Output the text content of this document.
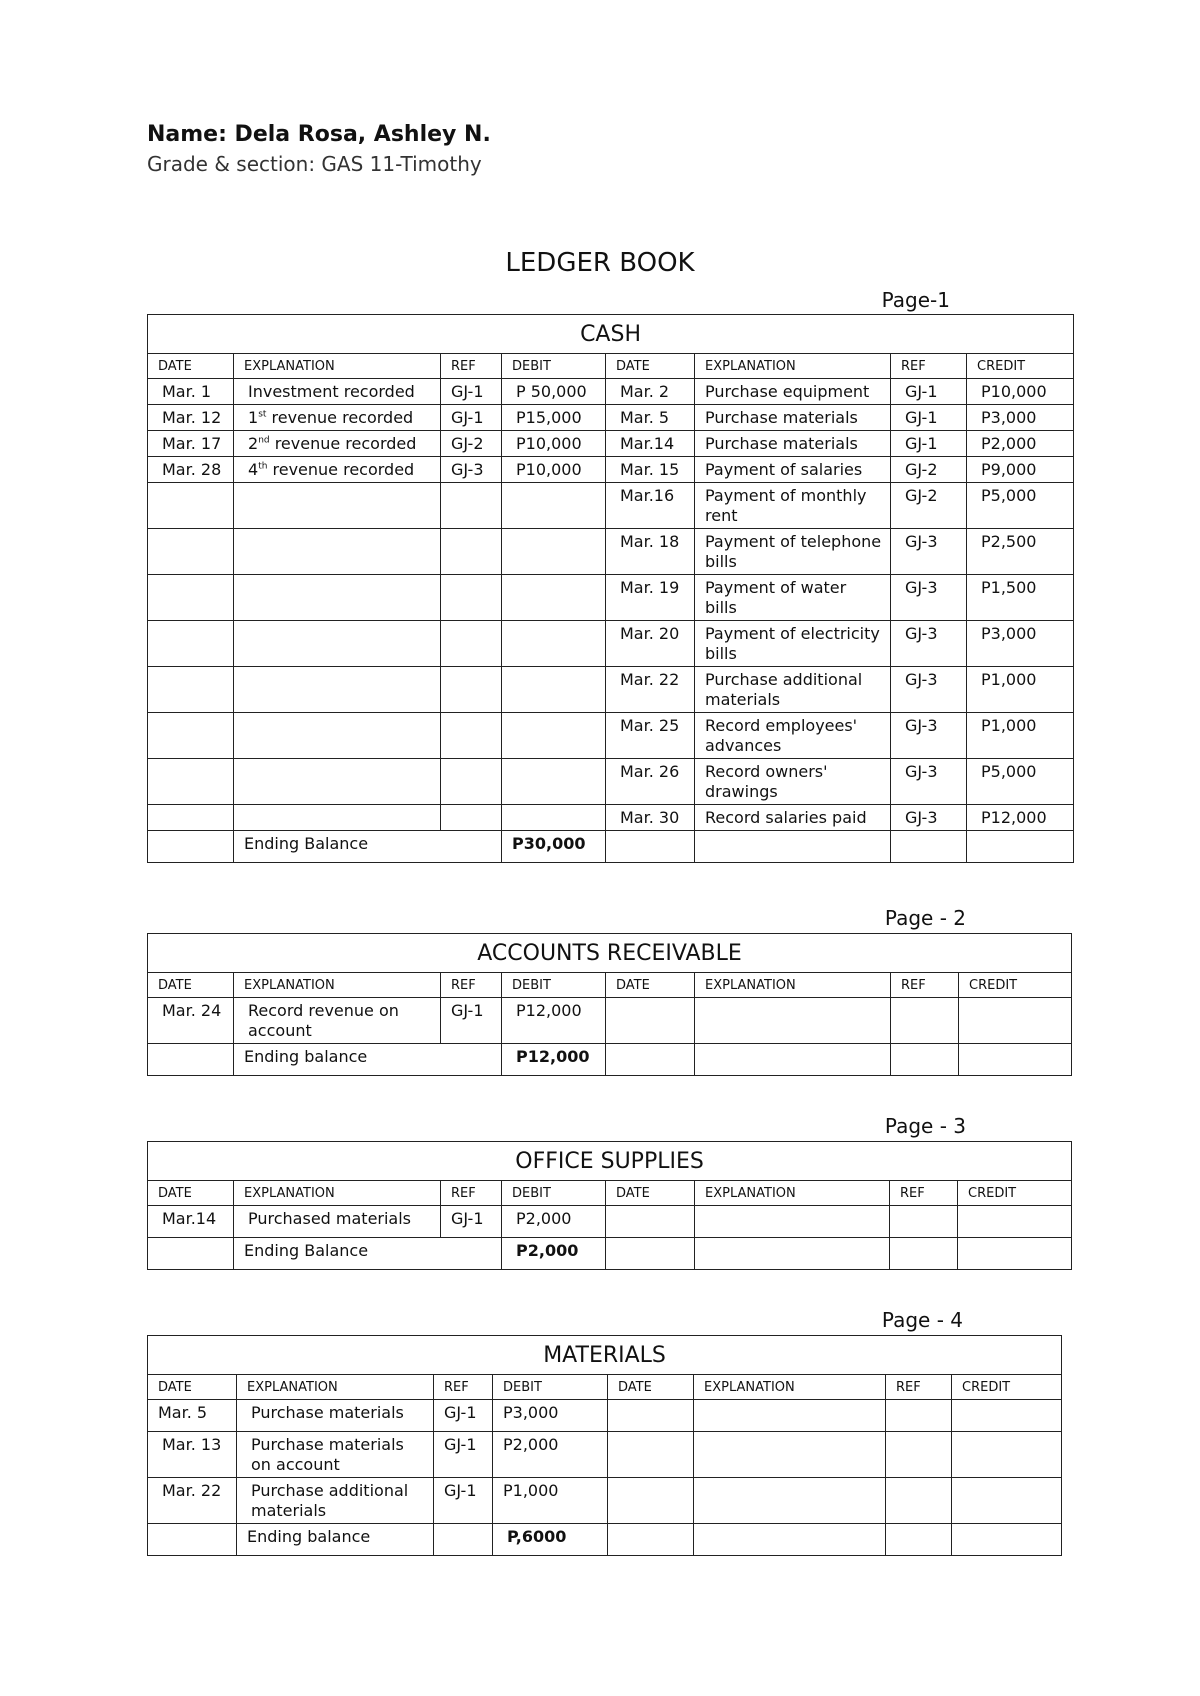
Name: Dela Rosa, Ashley N.
Grade & section: GAS 11-Timothy
LEDGER BOOK
Page-1
CASH							
DATE	EXPLANATION	REF	DEBIT	DATE	EXPLANATION	REF	CREDIT
Mar. 1	Investment recorded	GJ-1	P 50,000	Mar. 2	Purchase equipment	GJ-1	P10,000
Mar. 12	1st revenue recorded	GJ-1	P15,000	Mar. 5	Purchase materials	GJ-1	P3,000
Mar. 17	2nd revenue recorded	GJ-2	P10,000	Mar.14	Purchase materials	GJ-1	P2,000
Mar. 28	4th revenue recorded	GJ-3	P10,000	Mar. 15	Payment of salaries	GJ-2	P9,000
				Mar.16	Payment of monthly rent	GJ-2	P5,000
				Mar. 18	Payment of telephone bills	GJ-3	P2,500
				Mar. 19	Payment of water bills	GJ-3	P1,500
				Mar. 20	Payment of electricity bills	GJ-3	P3,000
				Mar. 22	Purchase additional materials	GJ-3	P1,000
				Mar. 25	Record employees' advances	GJ-3	P1,000
				Mar. 26	Record owners' drawings	GJ-3	P5,000
				Mar. 30	Record salaries paid	GJ-3	P12,000
	Ending Balance		P30,000				
Page - 2
ACCOUNTS RECEIVABLE							
DATE	EXPLANATION	REF	DEBIT	DATE	EXPLANATION	REF	CREDIT
Mar. 24	Record revenue on account	GJ-1	P12,000				
	Ending balance		P12,000				
Page - 3
OFFICE SUPPLIES							
DATE	EXPLANATION	REF	DEBIT	DATE	EXPLANATION	REF	CREDIT
Mar.14	Purchased materials	GJ-1	P2,000				
	Ending Balance		P2,000				
Page - 4
MATERIALS							
DATE	EXPLANATION	REF	DEBIT	DATE	EXPLANATION	REF	CREDIT
Mar. 5	Purchase materials	GJ-1	P3,000				
Mar. 13	Purchase materials on account	GJ-1	P2,000				
Mar. 22	Purchase additional materials	GJ-1	P1,000				
	Ending balance		P,6000				
